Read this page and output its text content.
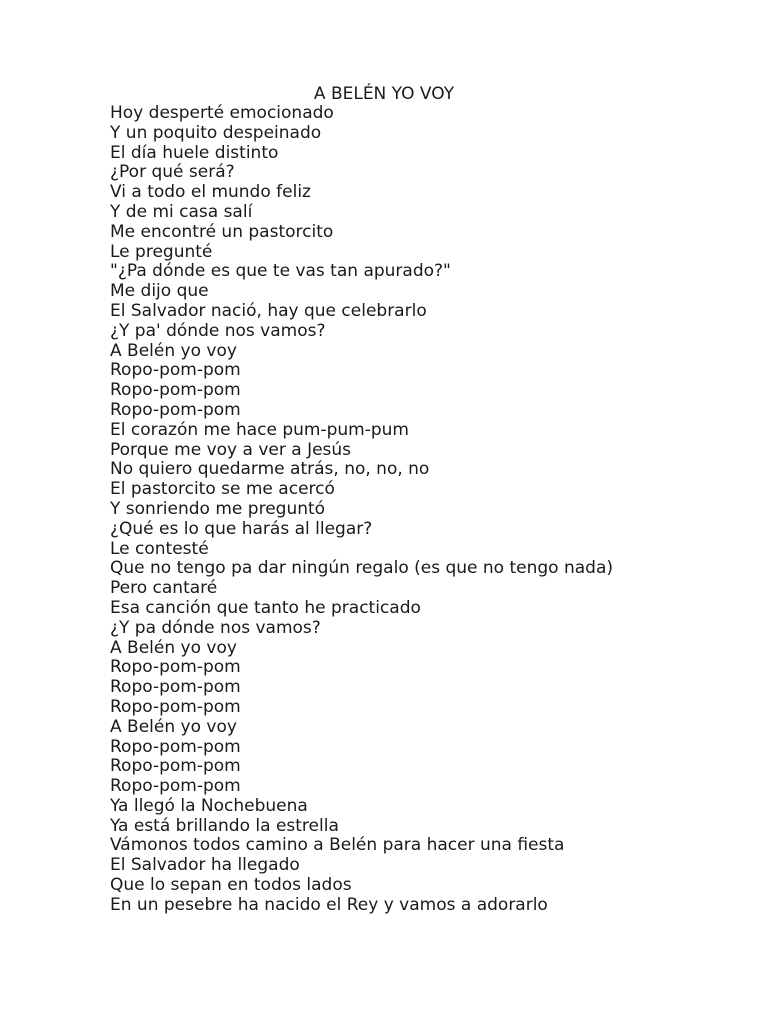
A BELÉN YO VOY
Hoy desperté emocionado
Y un poquito despeinado
El día huele distinto
¿Por qué será?
Vi a todo el mundo feliz
Y de mi casa salí
Me encontré un pastorcito
Le pregunté
"¿Pa dónde es que te vas tan apurado?"
Me dijo que
El Salvador nació, hay que celebrarlo
¿Y pa' dónde nos vamos?
A Belén yo voy
Ropo-pom-pom
Ropo-pom-pom
Ropo-pom-pom
El corazón me hace pum-pum-pum
Porque me voy a ver a Jesús
No quiero quedarme atrás, no, no, no
El pastorcito se me acercó
Y sonriendo me preguntó
¿Qué es lo que harás al llegar?
Le contesté
Que no tengo pa dar ningún regalo (es que no tengo nada)
Pero cantaré
Esa canción que tanto he practicado
¿Y pa dónde nos vamos?
A Belén yo voy
Ropo-pom-pom
Ropo-pom-pom
Ropo-pom-pom
A Belén yo voy
Ropo-pom-pom
Ropo-pom-pom
Ropo-pom-pom
Ya llegó la Nochebuena
Ya está brillando la estrella
Vámonos todos camino a Belén para hacer una fiesta
El Salvador ha llegado
Que lo sepan en todos lados
En un pesebre ha nacido el Rey y vamos a adorarlo
